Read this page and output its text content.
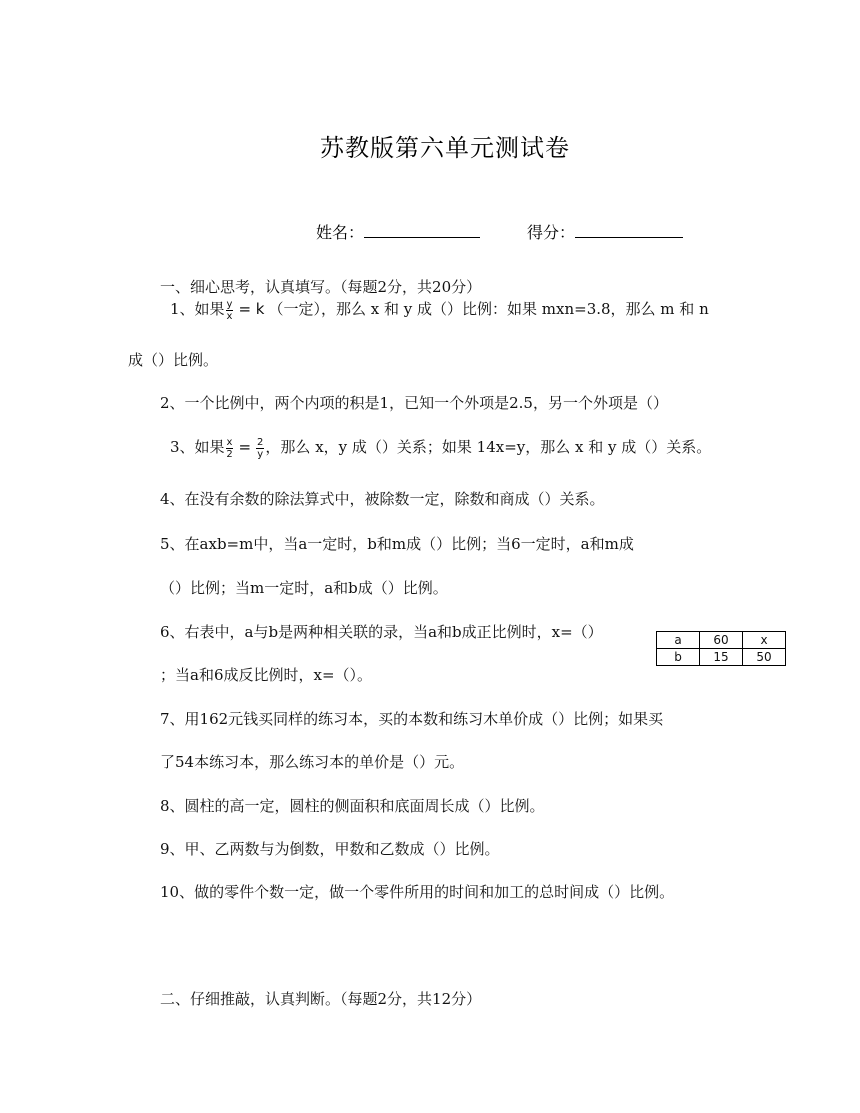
苏教版第六单元测试卷
姓名：	得分：
一、细心思考，认真填写。（每题2分，共20分）
1、如果 $\frac{y}{x} = k$ （一定），那么 x 和 y 成（）比例：如果 mxn=3.8，那么 m 和 n
成（）比例。
2、一个比例中，两个内项的积是1，已知一个外项是2.5，另一个外项是（）
3、如果 $\frac{x}{2} = \frac{2}{y}$ ，那么 x，y 成（）关系；如果 14x=y，那么 x 和 y 成（）关系。
4、在没有余数的除法算式中，被除数一定，除数和商成（）关系。
5、在axb=m中，当a一定时，b和m成（）比例；当6一定时，a和m成
（）比例；当m一定时，a和b成（）比例。
6、右表中，a与b是两种相关联的录，当a和b成正比例时，x=（）
；当a和6成反比例时，x=（）。
a	60	x
b	15	50
7、用162元钱买同样的练习本，买的本数和练习木单价成（）比例；如果买
了54本练习本，那么练习本的单价是（）元。
8、圆柱的高一定，圆柱的侧面积和底面周长成（）比例。
9、甲、乙两数与为倒数，甲数和乙数成（）比例。
10、做的零件个数一定，做一个零件所用的时间和加工的总时间成（）比例。
二、仔细推敲，认真判断。（每题2分，共12分）
